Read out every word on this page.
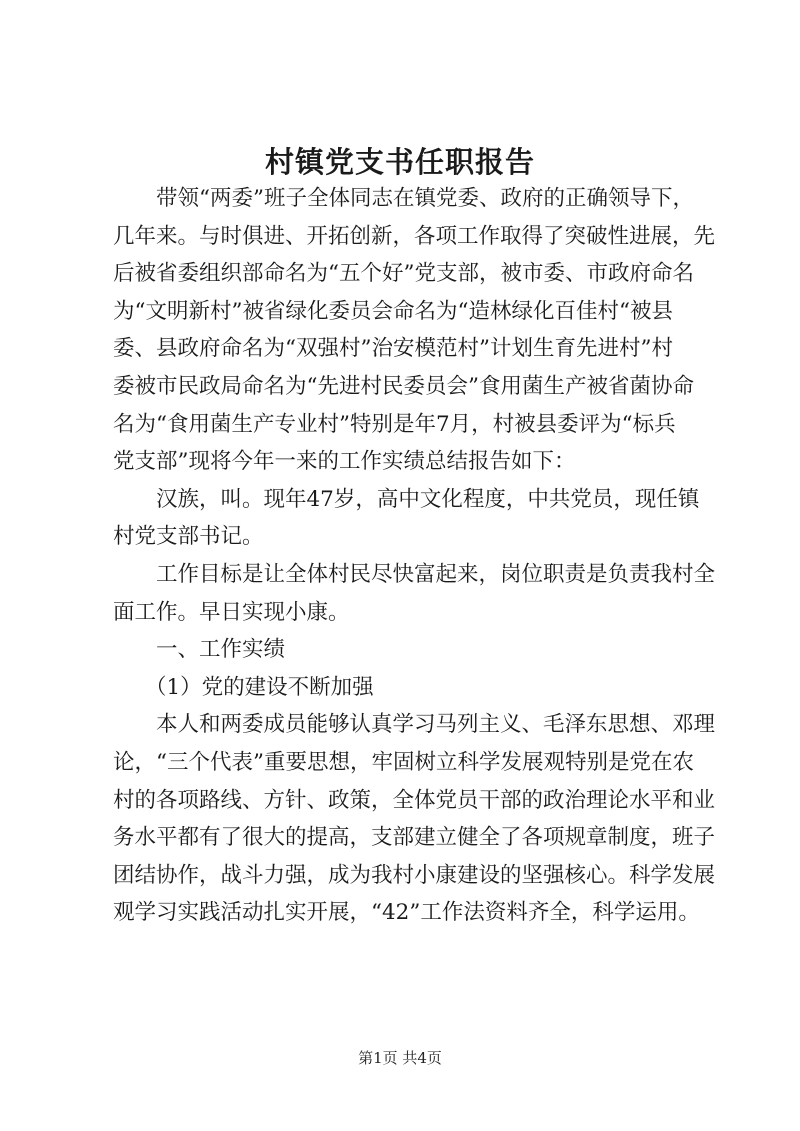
村镇党支书任职报告

带领“两委”班子全体同志在镇党委、政府的正确领导下，
几年来。与时俱进、开拓创新，各项工作取得了突破性进展，先
后被省委组织部命名为“五个好”党支部，被市委、市政府命名
为“文明新村”被省绿化委员会命名为“造林绿化百佳村“被县
委、县政府命名为“双强村”治安模范村”计划生育先进村”村
委被市民政局命名为“先进村民委员会”食用菌生产被省菌协命
名为“食用菌生产专业村”特别是年7月，村被县委评为“标兵
党支部”现将今年一来的工作实绩总结报告如下：

汉族，叫。现年47岁，高中文化程度，中共党员，现任镇
村党支部书记。

工作目标是让全体村民尽快富起来，岗位职责是负责我村全
面工作。早日实现小康。

一、工作实绩

（1）党的建设不断加强

本人和两委成员能够认真学习马列主义、毛泽东思想、邓理
论，“三个代表”重要思想，牢固树立科学发展观特别是党在农
村的各项路线、方针、政策，全体党员干部的政治理论水平和业
务水平都有了很大的提高，支部建立健全了各项规章制度，班子
团结协作，战斗力强，成为我村小康建设的坚强核心。科学发展
观学习实践活动扎实开展，“42”工作法资料齐全，科学运用。

第1页 共4页
